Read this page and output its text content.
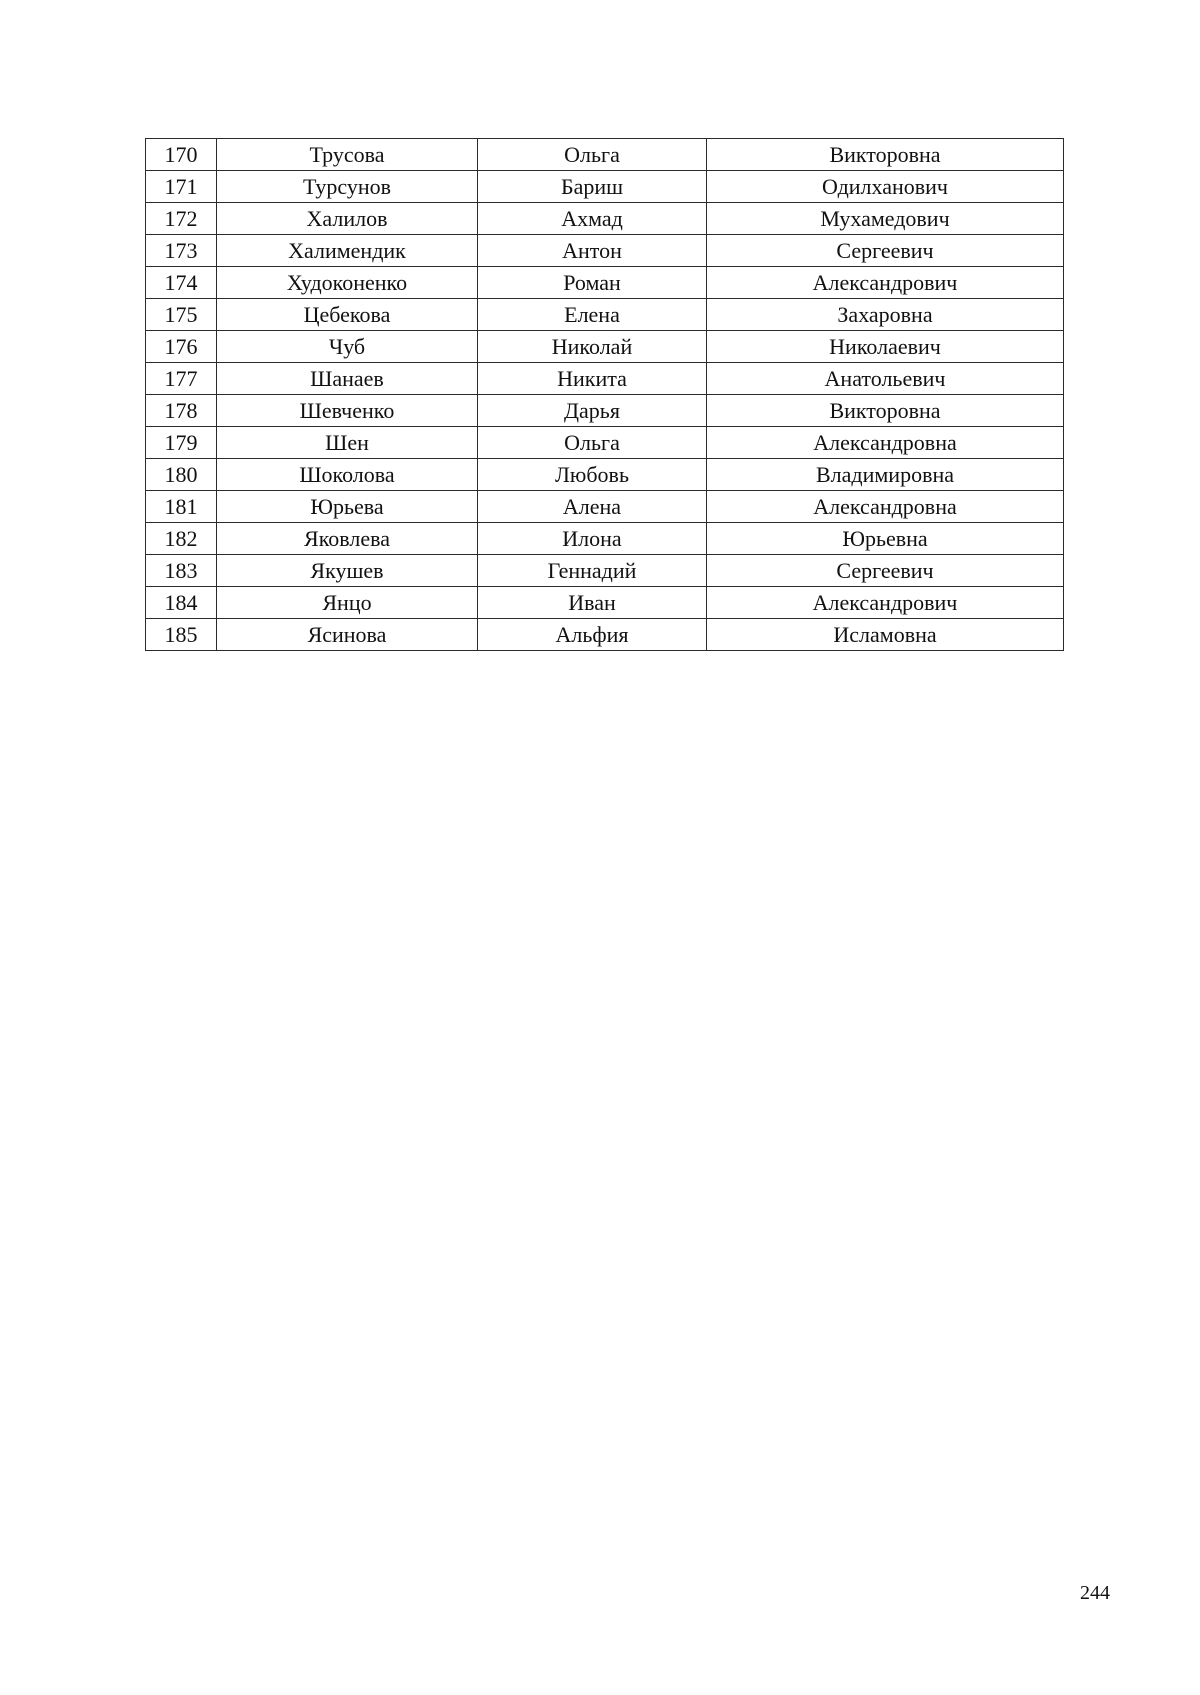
170	Трусова	Ольга	Викторовна
171	Турсунов	Бариш	Одилханович
172	Халилов	Ахмад	Мухамедович
173	Халимендик	Антон	Сергеевич
174	Худоконенко	Роман	Александрович
175	Цебекова	Елена	Захаровна
176	Чуб	Николай	Николаевич
177	Шанаев	Никита	Анатольевич
178	Шевченко	Дарья	Викторовна
179	Шен	Ольга	Александровна
180	Шоколова	Любовь	Владимировна
181	Юрьева	Алена	Александровна
182	Яковлева	Илона	Юрьевна
183	Якушев	Геннадий	Сергеевич
184	Янцо	Иван	Александрович
185	Ясинова	Альфия	Исламовна
244
